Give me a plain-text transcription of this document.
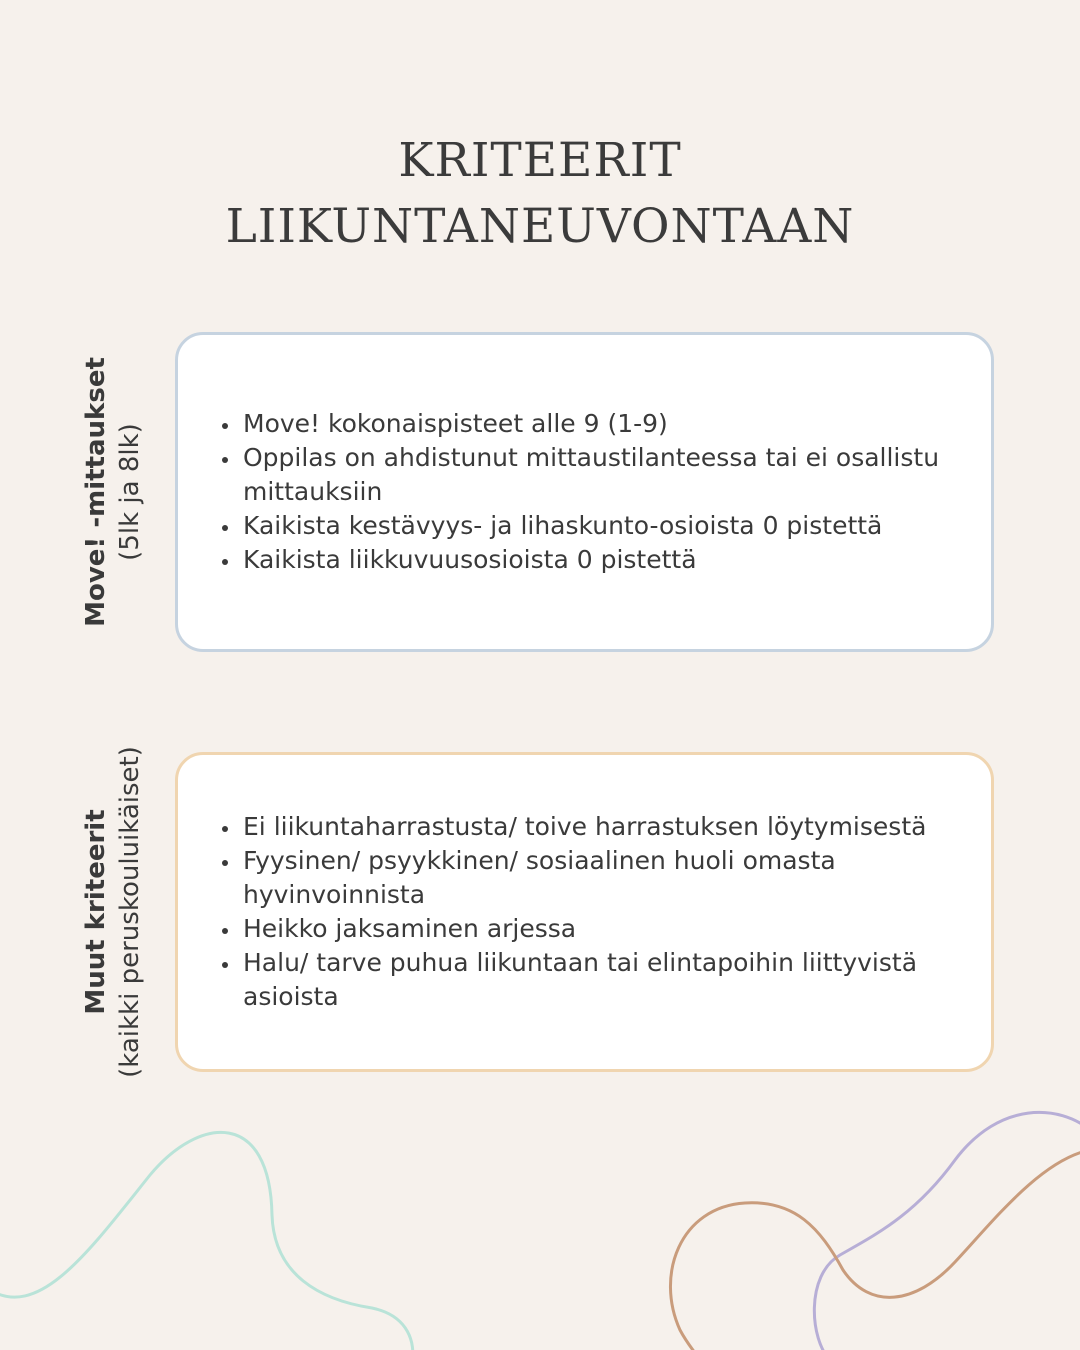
KRITEERIT
LIIKUNTANEUVONTAAN
Move! -mittaukset (5lk ja 8lk)	• Move! kokonaispisteet alle 9 (1-9)
• Oppilas on ahdistunut mittaustilanteessa tai ei osallistu mittauksiin
• Kaikista kestävyys- ja lihaskunto-osioista 0 pistettä
• Kaikista liikkuvuusosioista 0 pistettä
Muut kriteerit (kaikki peruskouluikäiset)	• Ei liikuntaharrastusta/ toive harrastuksen löytymisestä
• Fyysinen/ psyykkinen/ sosiaalinen huoli omasta hyvinvoinnista
• Heikko jaksaminen arjessa
• Halu/ tarve puhua liikuntaan tai elintapoihin liittyvistä asioista
